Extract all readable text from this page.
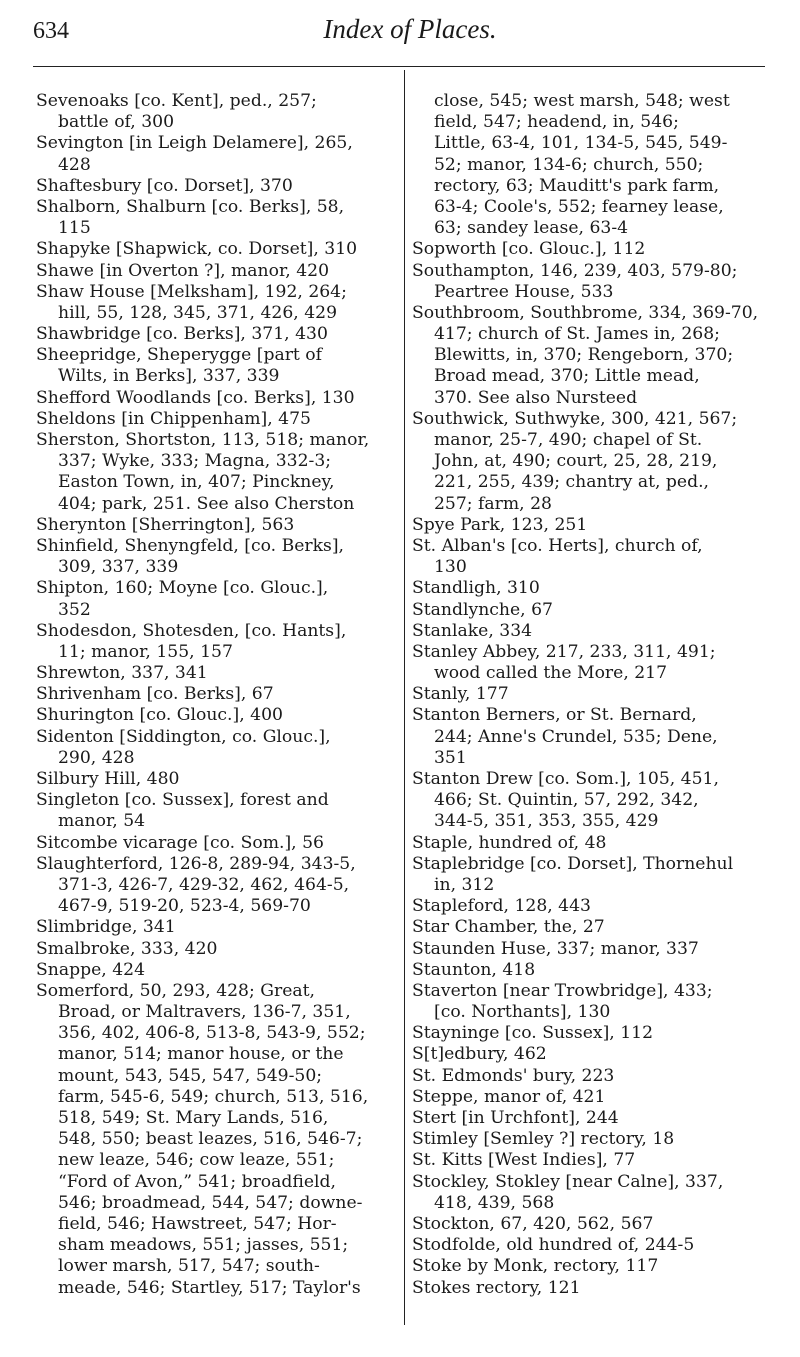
634	Index of Places.
Sevenoaks [co. Kent], ped., 257;
battle of, 300
Sevington [in Leigh Delamere], 265,
428
Shaftesbury [co. Dorset], 370
Shalborn, Shalburn [co. Berks], 58,
115
Shapyke [Shapwick, co. Dorset], 310
Shawe [in Overton ?], manor, 420
Shaw House [Melksham], 192, 264;
hill, 55, 128, 345, 371, 426, 429
Shawbridge [co. Berks], 371, 430
Sheepridge, Sheperygge [part of
Wilts, in Berks], 337, 339
Shefford Woodlands [co. Berks], 130
Sheldons [in Chippenham], 475
Sherston, Shortston, 113, 518; manor,
337; Wyke, 333; Magna, 332-3;
Easton Town, in, 407; Pinckney,
404; park, 251. See also Cherston
Sherynton [Sherrington], 563
Shinfield, Shenyngfeld, [co. Berks],
309, 337, 339
Shipton, 160; Moyne [co. Glouc.],
352
Shodesdon, Shotesden, [co. Hants],
11; manor, 155, 157
Shrewton, 337, 341
Shrivenham [co. Berks], 67
Shurington [co. Glouc.], 400
Sidenton [Siddington, co. Glouc.],
290, 428
Silbury Hill, 480
Singleton [co. Sussex], forest and
manor, 54
Sitcombe vicarage [co. Som.], 56
Slaughterford, 126-8, 289-94, 343-5,
371-3, 426-7, 429-32, 462, 464-5,
467-9, 519-20, 523-4, 569-70
Slimbridge, 341
Smalbroke, 333, 420
Snappe, 424
Somerford, 50, 293, 428; Great,
Broad, or Maltravers, 136-7, 351,
356, 402, 406-8, 513-8, 543-9, 552;
manor, 514; manor house, or the
mount, 543, 545, 547, 549-50;
farm, 545-6, 549; church, 513, 516,
518, 549; St. Mary Lands, 516,
548, 550; beast leazes, 516, 546-7;
new leaze, 546; cow leaze, 551;
“Ford of Avon,” 541; broadfield,
546; broadmead, 544, 547; downe-
field, 546; Hawstreet, 547; Hor-
sham meadows, 551; jasses, 551;
lower marsh, 517, 547; south-
meade, 546; Startley, 517; Taylor's
close, 545; west marsh, 548; west
field, 547; headend, in, 546;
Little, 63-4, 101, 134-5, 545, 549-
52; manor, 134-6; church, 550;
rectory, 63; Mauditt's park farm,
63-4; Coole's, 552; fearney lease,
63; sandey lease, 63-4
Sopworth [co. Glouc.], 112
Southampton, 146, 239, 403, 579-80;
Peartree House, 533
Southbroom, Southbrome, 334, 369-70,
417; church of St. James in, 268;
Blewitts, in, 370; Rengeborn, 370;
Broad mead, 370; Little mead,
370. See also Nursteed
Southwick, Suthwyke, 300, 421, 567;
manor, 25-7, 490; chapel of St.
John, at, 490; court, 25, 28, 219,
221, 255, 439; chantry at, ped.,
257; farm, 28
Spye Park, 123, 251
St. Alban's [co. Herts], church of,
130
Standligh, 310
Standlynche, 67
Stanlake, 334
Stanley Abbey, 217, 233, 311, 491;
wood called the More, 217
Stanly, 177
Stanton Berners, or St. Bernard,
244; Anne's Crundel, 535; Dene,
351
Stanton Drew [co. Som.], 105, 451,
466; St. Quintin, 57, 292, 342,
344-5, 351, 353, 355, 429
Staple, hundred of, 48
Staplebridge [co. Dorset], Thornehul
in, 312
Stapleford, 128, 443
Star Chamber, the, 27
Staunden Huse, 337; manor, 337
Staunton, 418
Staverton [near Trowbridge], 433;
[co. Northants], 130
Stayninge [co. Sussex], 112
S[t]edbury, 462
St. Edmonds' bury, 223
Steppe, manor of, 421
Stert [in Urchfont], 244
Stimley [Semley ?] rectory, 18
St. Kitts [West Indies], 77
Stockley, Stokley [near Calne], 337,
418, 439, 568
Stockton, 67, 420, 562, 567
Stodfolde, old hundred of, 244-5
Stoke by Monk, rectory, 117
Stokes rectory, 121
